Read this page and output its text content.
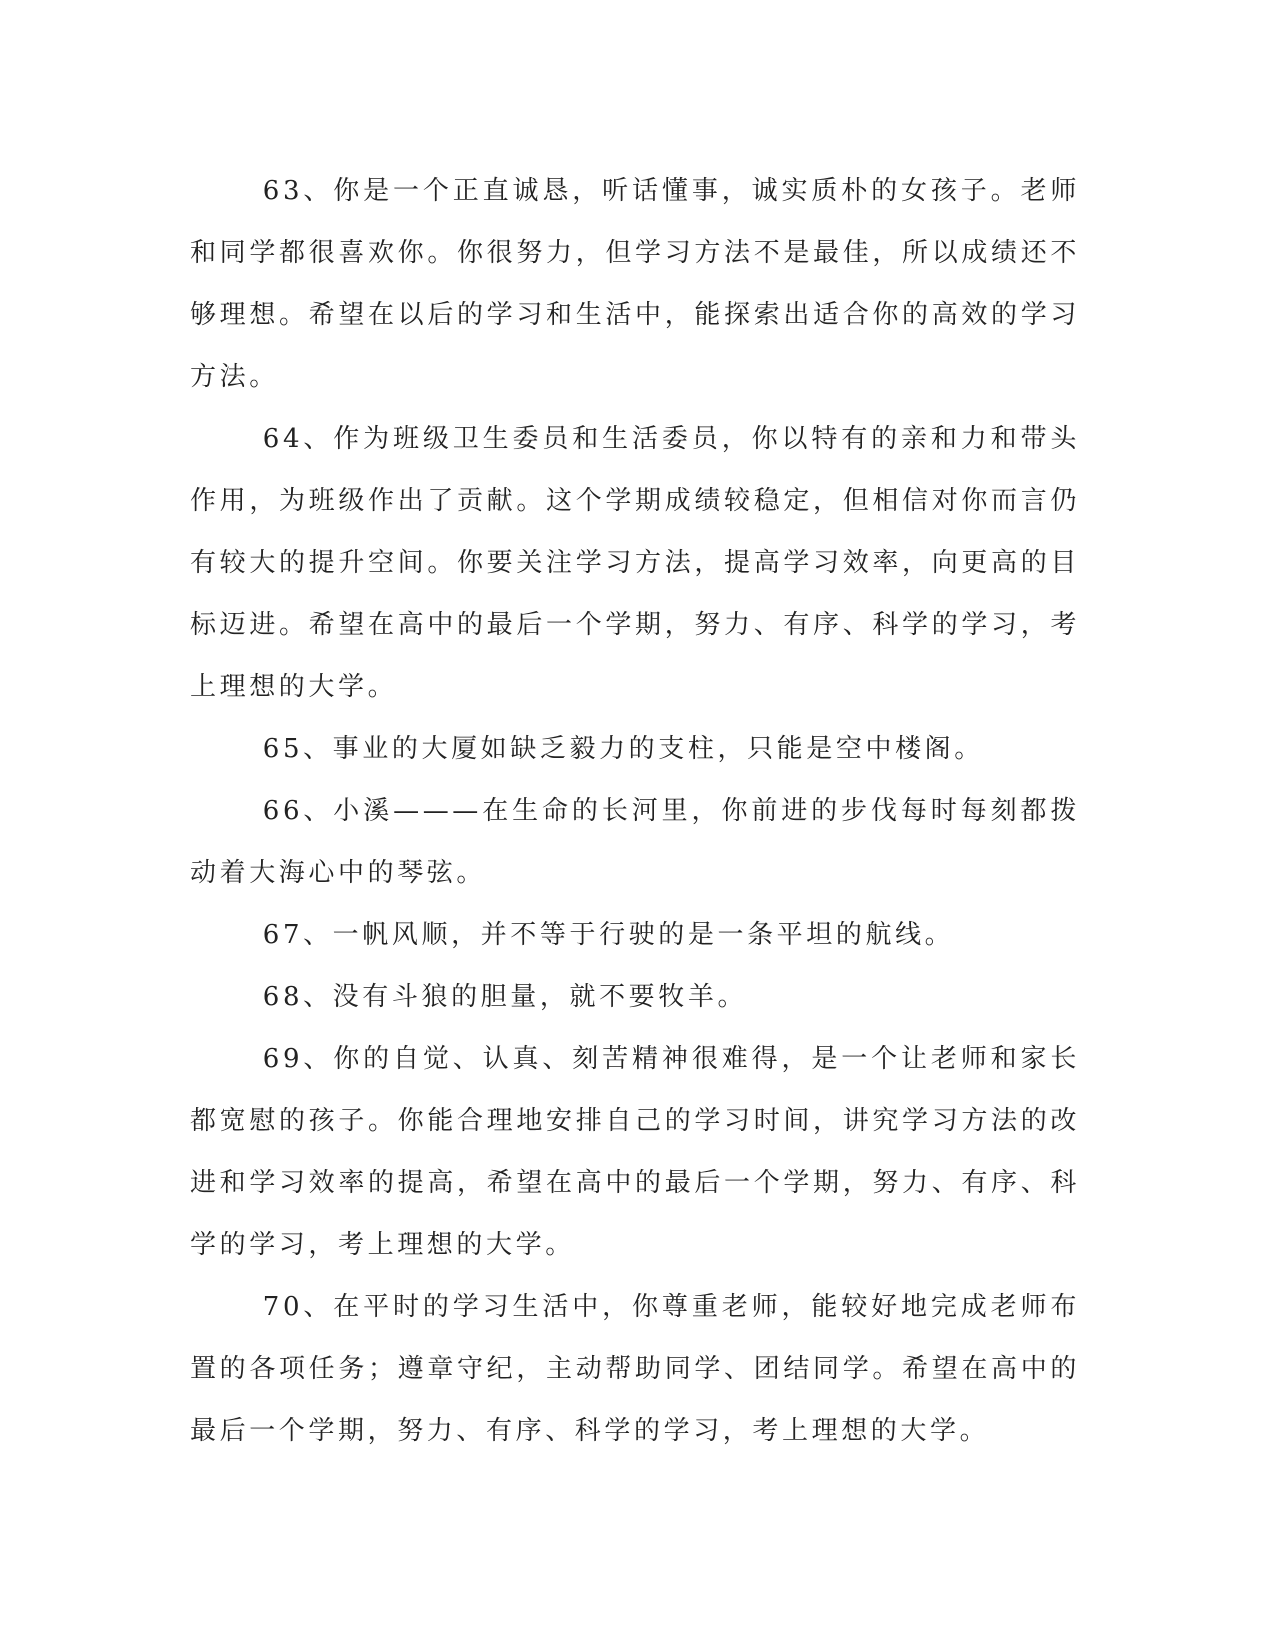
63、你是一个正直诚恳，听话懂事，诚实质朴的女孩子。老师和同学都很喜欢你。你很努力，但学习方法不是最佳，所以成绩还不够理想。希望在以后的学习和生活中，能探索出适合你的高效的学习方法。

64、作为班级卫生委员和生活委员，你以特有的亲和力和带头作用，为班级作出了贡献。这个学期成绩较稳定，但相信对你而言仍有较大的提升空间。你要关注学习方法，提高学习效率，向更高的目标迈进。希望在高中的最后一个学期，努力、有序、科学的学习，考上理想的大学。

65、事业的大厦如缺乏毅力的支柱，只能是空中楼阁。

66、小溪———在生命的长河里，你前进的步伐每时每刻都拨动着大海心中的琴弦。

67、一帆风顺，并不等于行驶的是一条平坦的航线。

68、没有斗狼的胆量，就不要牧羊。

69、你的自觉、认真、刻苦精神很难得，是一个让老师和家长都宽慰的孩子。你能合理地安排自己的学习时间，讲究学习方法的改进和学习效率的提高，希望在高中的最后一个学期，努力、有序、科学的学习，考上理想的大学。

70、在平时的学习生活中，你尊重老师，能较好地完成老师布置的各项任务；遵章守纪，主动帮助同学、团结同学。希望在高中的最后一个学期，努力、有序、科学的学习，考上理想的大学。
